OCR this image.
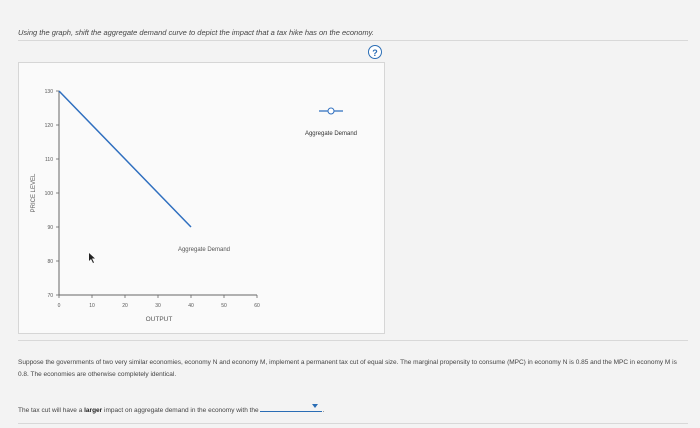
Using the graph, shift the aggregate demand curve to depict the impact that a tax hike has on the economy.
?
70
80
90
100
110
120
130
0	10	20	30	40	50	60
PRICE LEVEL
OUTPUT
Aggregate Demand
Aggregate Demand
Suppose the governments of two very similar economies, economy N and economy M, implement a permanent tax cut of equal size. The marginal propensity to consume (MPC) in economy N is 0.85 and the MPC in economy M is 0.8. The economies are otherwise completely identical.
The tax cut will have a larger impact on aggregate demand in the economy with the	.
